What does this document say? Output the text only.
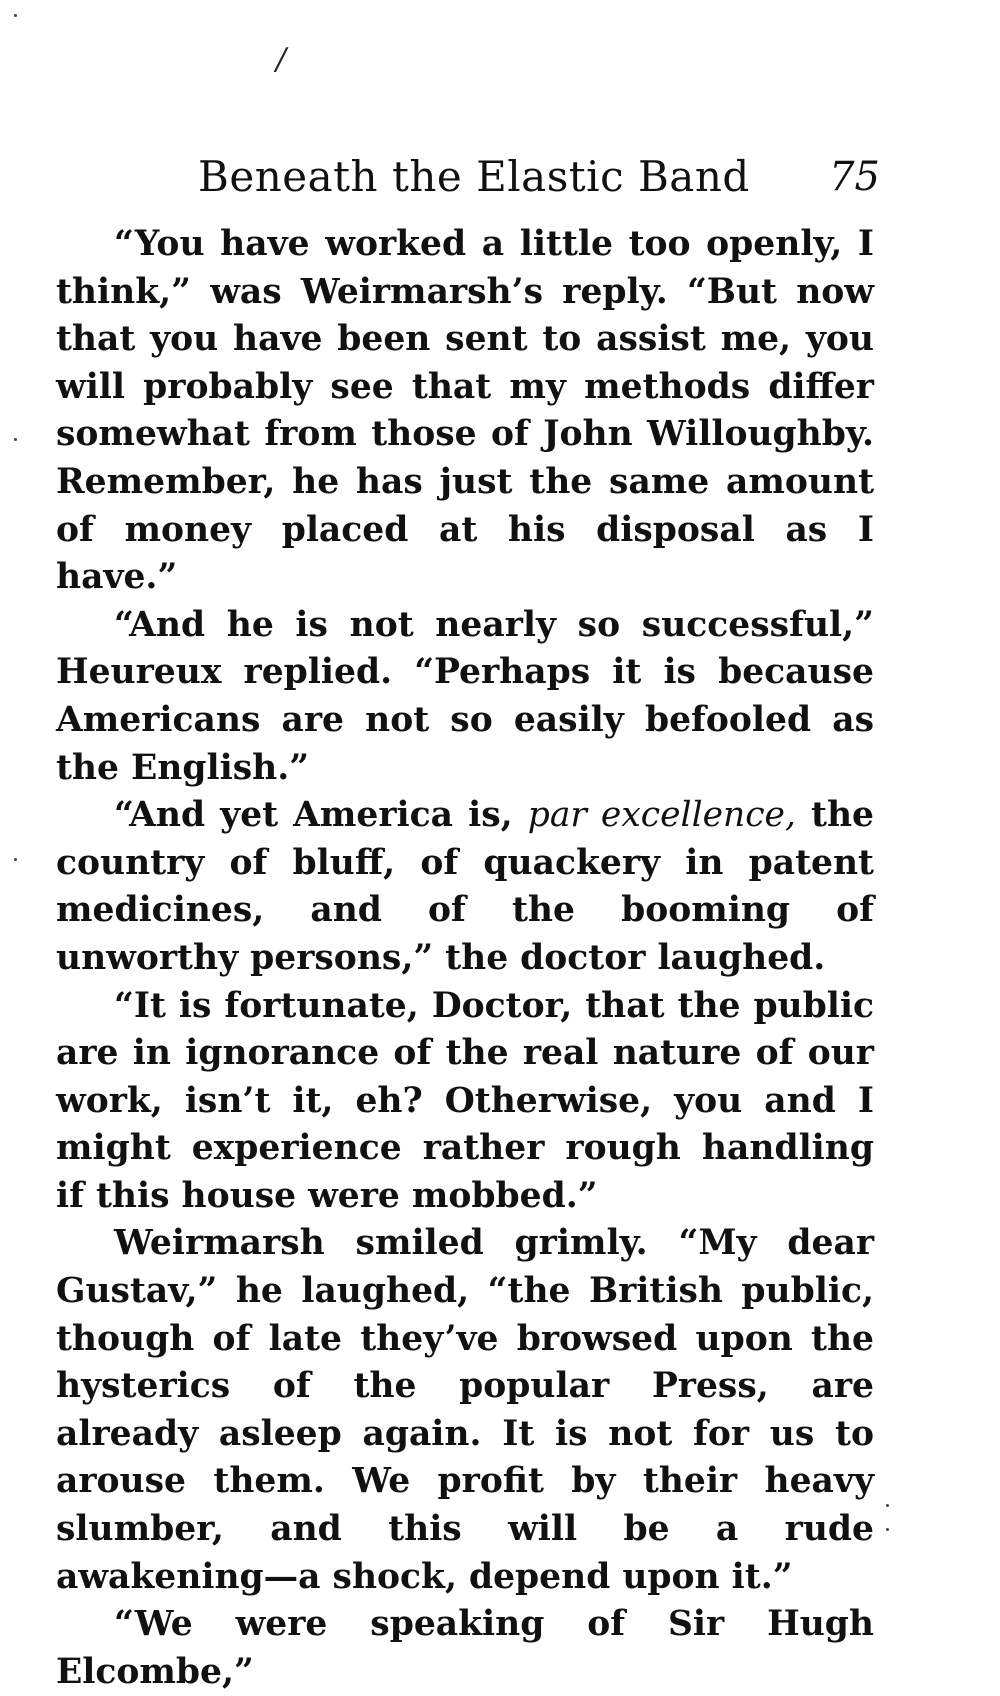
/
Beneath the Elastic Band 75

“You have worked a little too openly, I think,” was Weirmarsh’s reply. “But now that you have been sent to assist me, you will probably see that my methods differ somewhat from those of John Willoughby. Remember, he has just the same amount of money placed at his disposal as I have.”

“And he is not nearly so successful,” Heureux replied. “Perhaps it is because Americans are not so easily befooled as the English.”

“And yet America is, par excellence, the country of bluff, of quackery in patent medicines, and of the booming of unworthy persons,” the doctor laughed.

“It is fortunate, Doctor, that the public are in ignorance of the real nature of our work, isn’t it, eh? Otherwise, you and I might experience rather rough handling if this house were mobbed.”

Weirmarsh smiled grimly. “My dear Gustav,” he laughed, “the British public, though of late they’ve browsed upon the hysterics of the popular Press, are already asleep again. It is not for us to arouse them. We profit by their heavy slumber, and this will be a rude awakening—a shock, depend upon it.”

“We were speaking of Sir Hugh Elcombe,”
